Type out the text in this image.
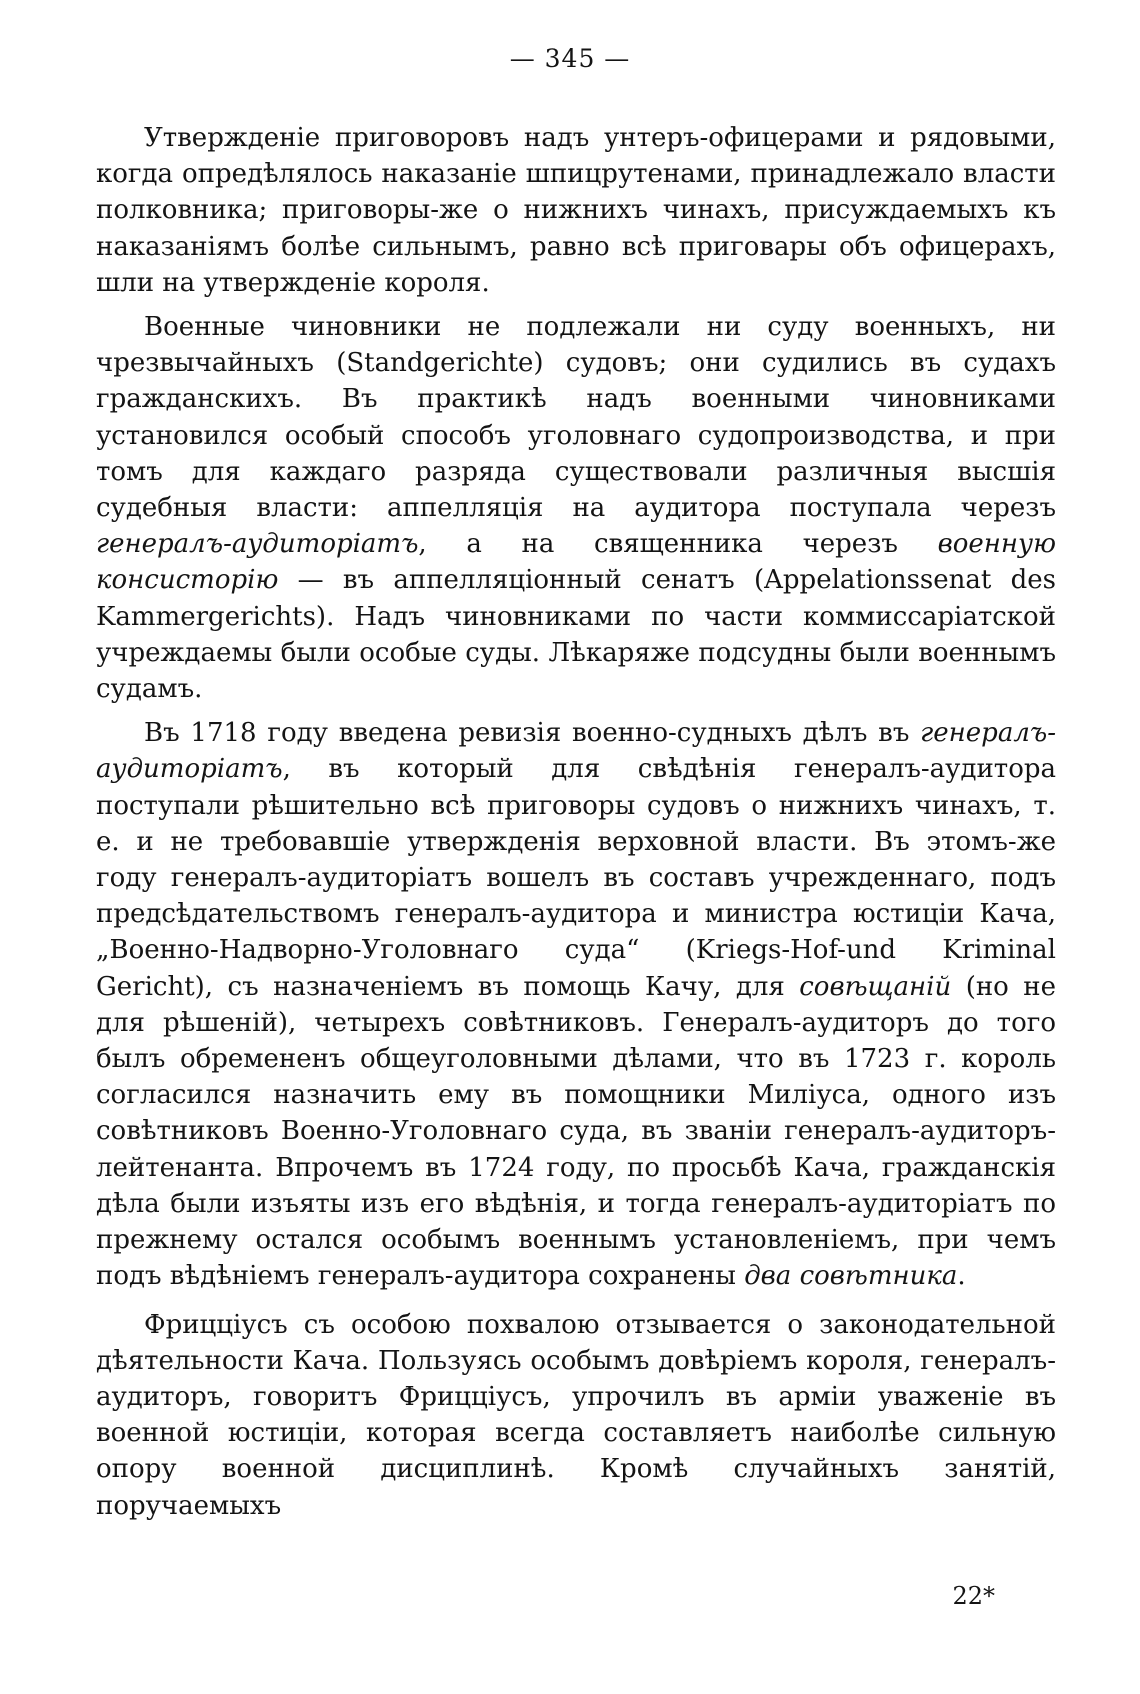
— 345 —

Утвержденіе приговоровъ надъ унтеръ-офицерами и рядовыми, когда опредѣлялось наказаніе шпицрутенами, принадлежало власти полковника; приговоры-же о нижнихъ чинахъ, присуждаемыхъ къ наказаніямъ болѣе сильнымъ, равно всѣ приговары объ офицерахъ, шли на утвержденіе короля.

Военные чиновники не подлежали ни суду военныхъ, ни чрезвычайныхъ (Standgerichte) судовъ; они судились въ судахъ гражданскихъ. Въ практикѣ надъ военными чиновниками установился особый способъ уголовнаго судопроизводства, и при томъ для каждаго разряда существовали различныя высшія судебныя власти: аппелляція на аудитора поступала черезъ генералъ-аудиторіатъ, а на священника черезъ военную консисторію — въ аппелляціонный сенатъ (Appelationssenat des Kammergerichts). Надъ чиновниками по части коммиссаріатской учреждаемы были особые суды. Лѣкаряже подсудны были военнымъ судамъ.

Въ 1718 году введена ревизія военно-судныхъ дѣлъ въ генералъ-аудиторіатъ, въ который для свѣдѣнія генералъ-аудитора поступали рѣшительно всѣ приговоры судовъ о нижнихъ чинахъ, т. е. и не требовавшіе утвержденія верховной власти. Въ этомъ-же году генералъ-аудиторіатъ вошелъ въ составъ учрежденнаго, подъ предсѣдательствомъ генералъ-аудитора и министра юстиціи Кача, „Военно-Надворно-Уголовнаго суда“ (Kriegs-Hof-und Kriminal Gericht), съ назначеніемъ въ помощь Качу, для совѣщаній (но не для рѣшеній), четырехъ совѣтниковъ. Генералъ-аудиторъ до того былъ обремененъ общеуголовными дѣлами, что въ 1723 г. король согласился назначить ему въ помощники Миліуса, одного изъ совѣтниковъ Военно-Уголовнаго суда, въ званіи генералъ-аудиторъ-лейтенанта. Впрочемъ въ 1724 году, по просьбѣ Кача, гражданскія дѣла были изъяты изъ его вѣдѣнія, и тогда генералъ-аудиторіатъ по прежнему остался особымъ военнымъ установленіемъ, при чемъ подъ вѣдѣніемъ генералъ-аудитора сохранены два совѣтника.

Фрицціусъ съ особою похвалою отзывается о законодательной дѣятельности Кача. Пользуясь особымъ довѣріемъ короля, генералъ-аудиторъ, говоритъ Фрицціусъ, упрочилъ въ арміи уваженіе въ военной юстиціи, которая всегда составляетъ наиболѣе сильную опору военной дисциплинѣ. Кромѣ случайныхъ занятій, поручаемыхъ

22*
